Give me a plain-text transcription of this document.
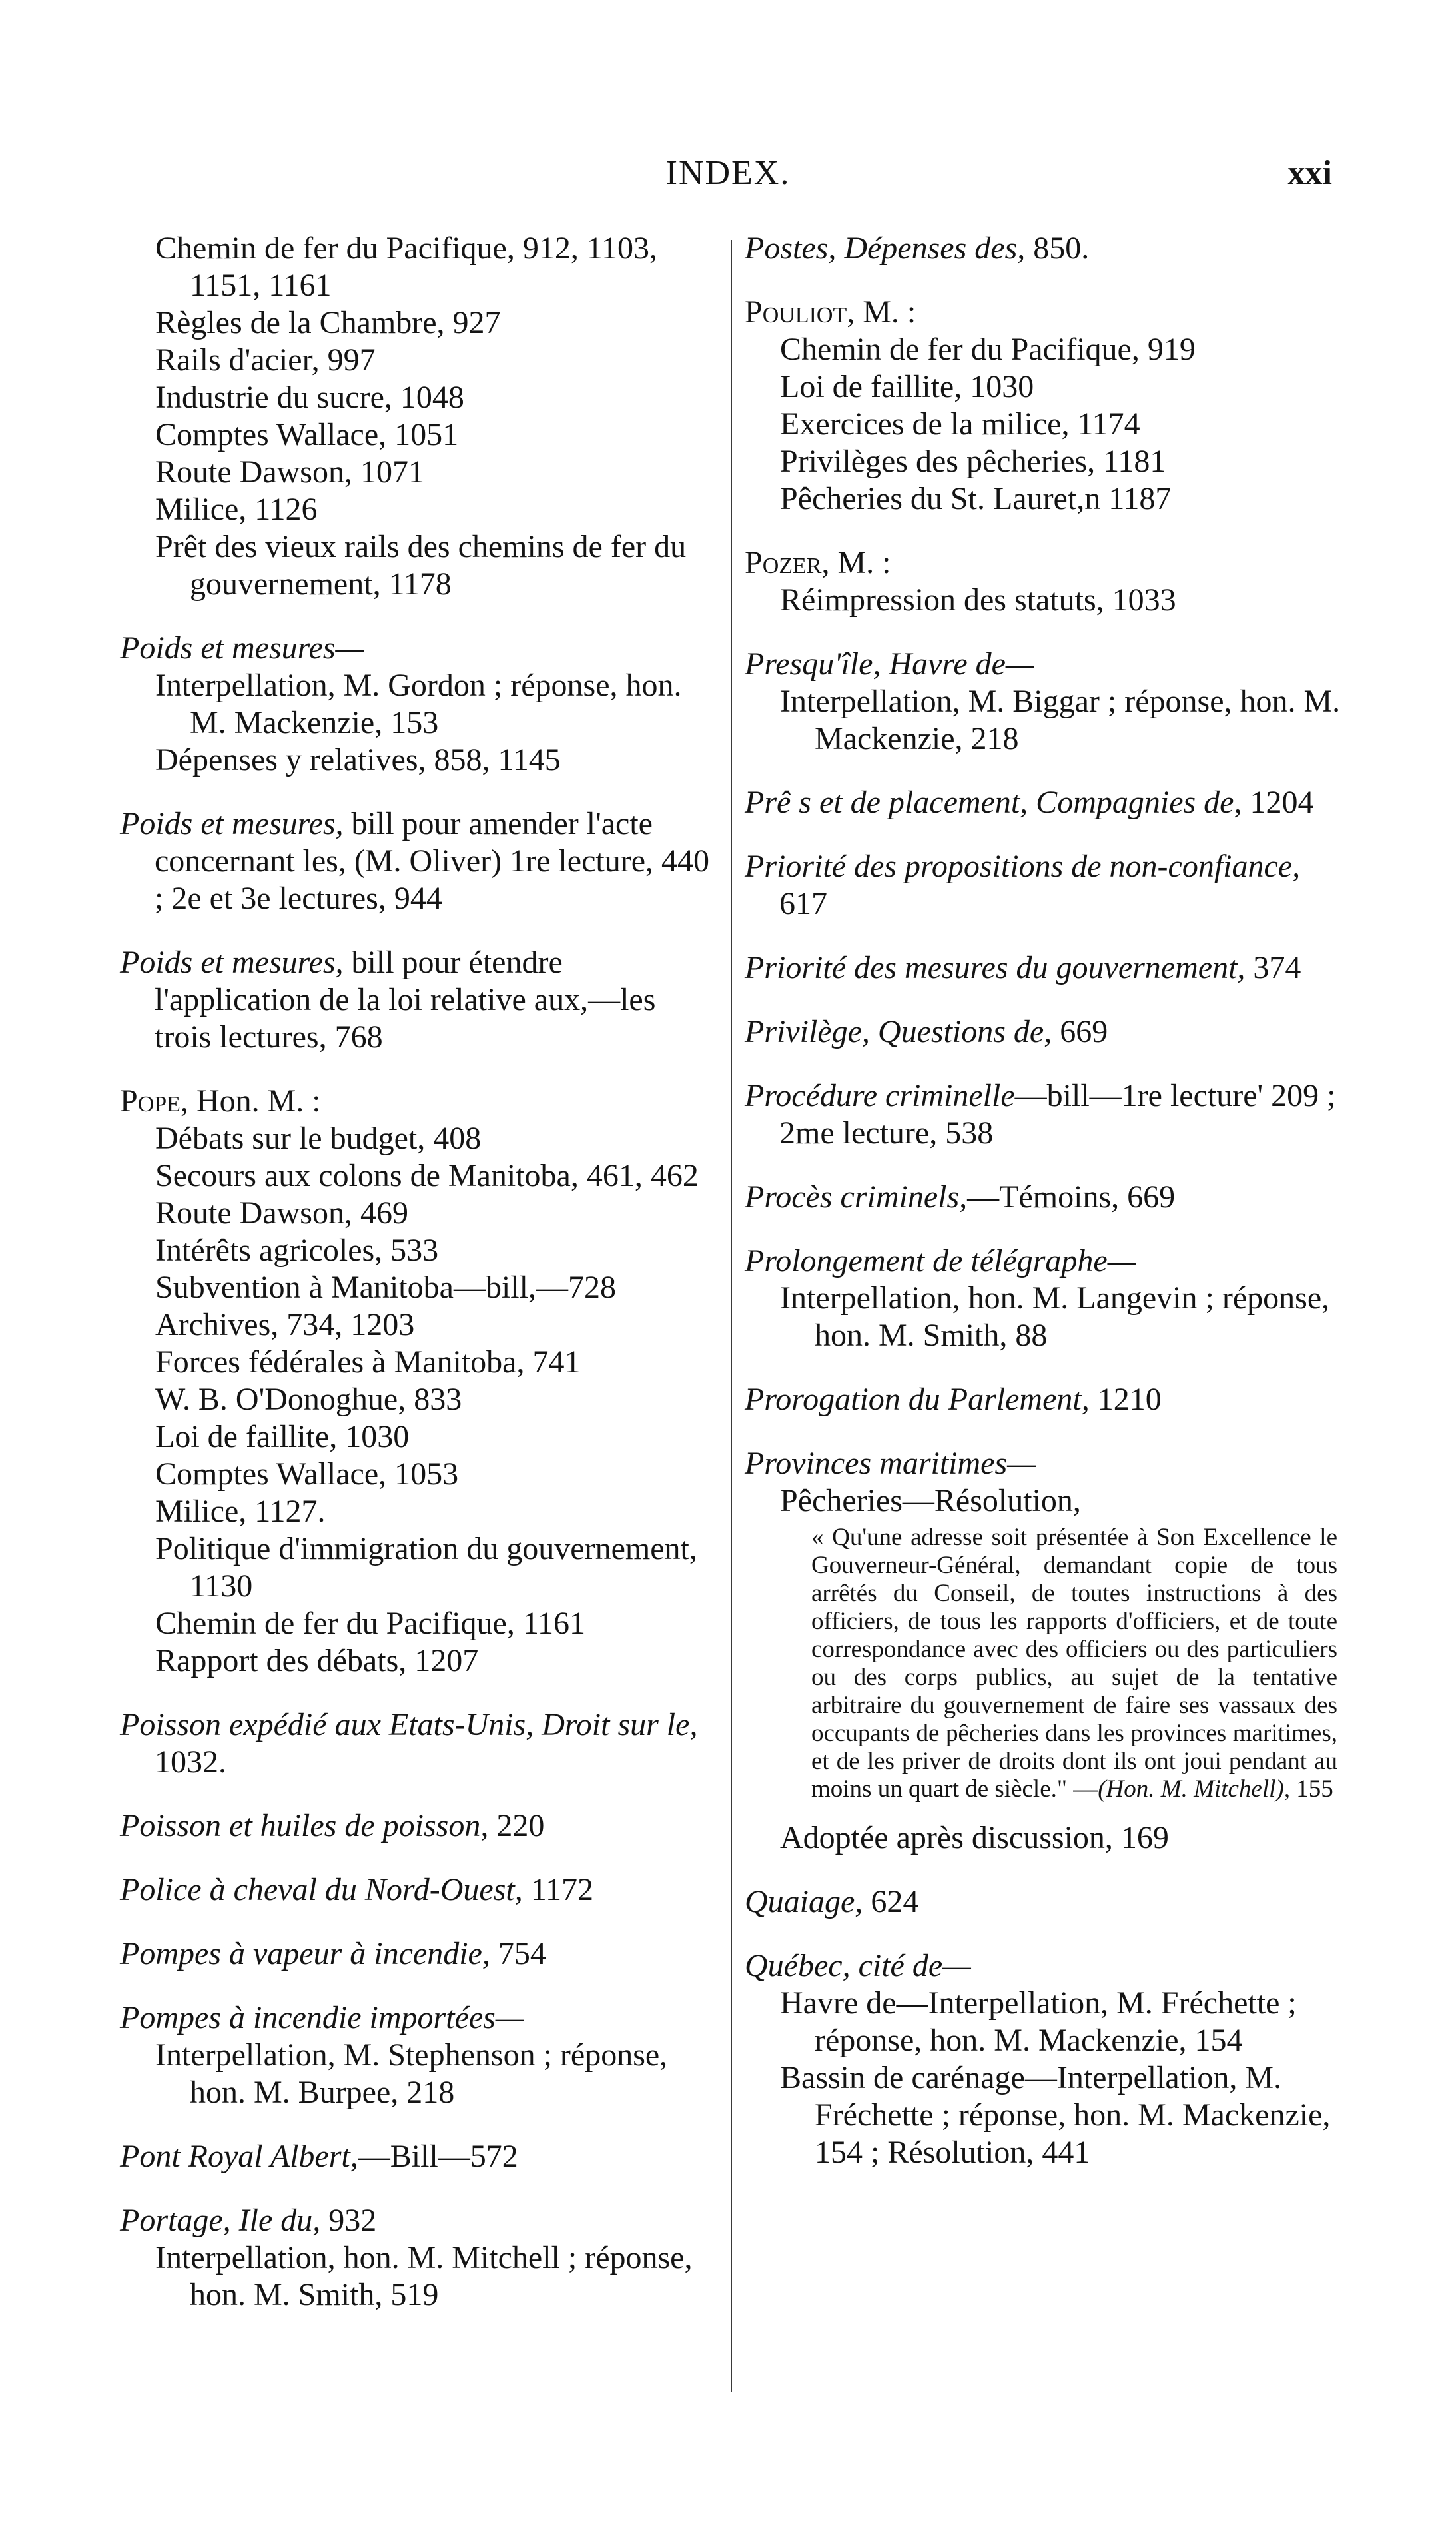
INDEX.	xxi
Chemin de fer du Pacifique, 912, 1103, 1151, 1161
Règles de la Chambre, 927
Rails d'acier, 997
Industrie du sucre, 1048
Comptes Wallace, 1051
Route Dawson, 1071
Milice, 1126
Prêt des vieux rails des chemins de fer du gouvernement, 1178
Poids et mesures—
Interpellation, M. Gordon ; réponse, hon. M. Mackenzie, 153
Dépenses y relatives, 858, 1145
Poids et mesures, bill pour amender l'acte concernant les, (M. Oliver) 1re lecture, 440 ; 2e et 3e lectures, 944
Poids et mesures, bill pour étendre l'application de la loi relative aux,—les trois lectures, 768
Pope, Hon. M. :
Débats sur le budget, 408
Secours aux colons de Manitoba, 461, 462
Route Dawson, 469
Intérêts agricoles, 533
Subvention à Manitoba—bill,—728
Archives, 734, 1203
Forces fédérales à Manitoba, 741
W. B. O'Donoghue, 833
Loi de faillite, 1030
Comptes Wallace, 1053
Milice, 1127.
Politique d'immigration du gouvernement, 1130
Chemin de fer du Pacifique, 1161
Rapport des débats, 1207
Poisson expédié aux Etats-Unis, Droit sur le, 1032.
Poisson et huiles de poisson, 220
Police à cheval du Nord-Ouest, 1172
Pompes à vapeur à incendie, 754
Pompes à incendie importées—
Interpellation, M. Stephenson ; réponse, hon. M. Burpee, 218
Pont Royal Albert,—Bill—572
Portage, Ile du, 932
Interpellation, hon. M. Mitchell ; réponse, hon. M. Smith, 519
Postes, Dépenses des, 850.
Pouliot, M. :
Chemin de fer du Pacifique, 919
Loi de faillite, 1030
Exercices de la milice, 1174
Privilèges des pêcheries, 1181
Pêcheries du St. Lauret,n 1187
Pozer, M. :
Réimpression des statuts, 1033
Presqu'île, Havre de—
Interpellation, M. Biggar ; réponse, hon. M. Mackenzie, 218
Prê s et de placement, Compagnies de, 1204
Priorité des propositions de non-confiance, 617
Priorité des mesures du gouvernement, 374
Privilège, Questions de, 669
Procédure criminelle—bill—1re lecture' 209 ; 2me lecture, 538
Procès criminels,—Témoins, 669
Prolongement de télégraphe—
Interpellation, hon. M. Langevin ; réponse, hon. M. Smith, 88
Prorogation du Parlement, 1210
Provinces maritimes—
Pêcheries—Résolution,
« Qu'une adresse soit présentée à Son Excellence le Gouverneur-Général, demandant copie de tous arrêtés du Conseil, de toutes instructions à des officiers, de tous les rapports d'officiers, et de toute correspondance avec des officiers ou des particuliers ou des corps publics, au sujet de la tentative arbitraire du gouvernement de faire ses vassaux des occupants de pêcheries dans les provinces maritimes, et de les priver de droits dont ils ont joui pendant au moins un quart de siècle." —(Hon. M. Mitchell), 155
Adoptée après discussion, 169
Quaiage, 624
Québec, cité de—
Havre de—Interpellation, M. Fréchette ; réponse, hon. M. Mackenzie, 154
Bassin de carénage—Interpellation, M. Fréchette ; réponse, hon. M. Mackenzie, 154 ; Résolution, 441
